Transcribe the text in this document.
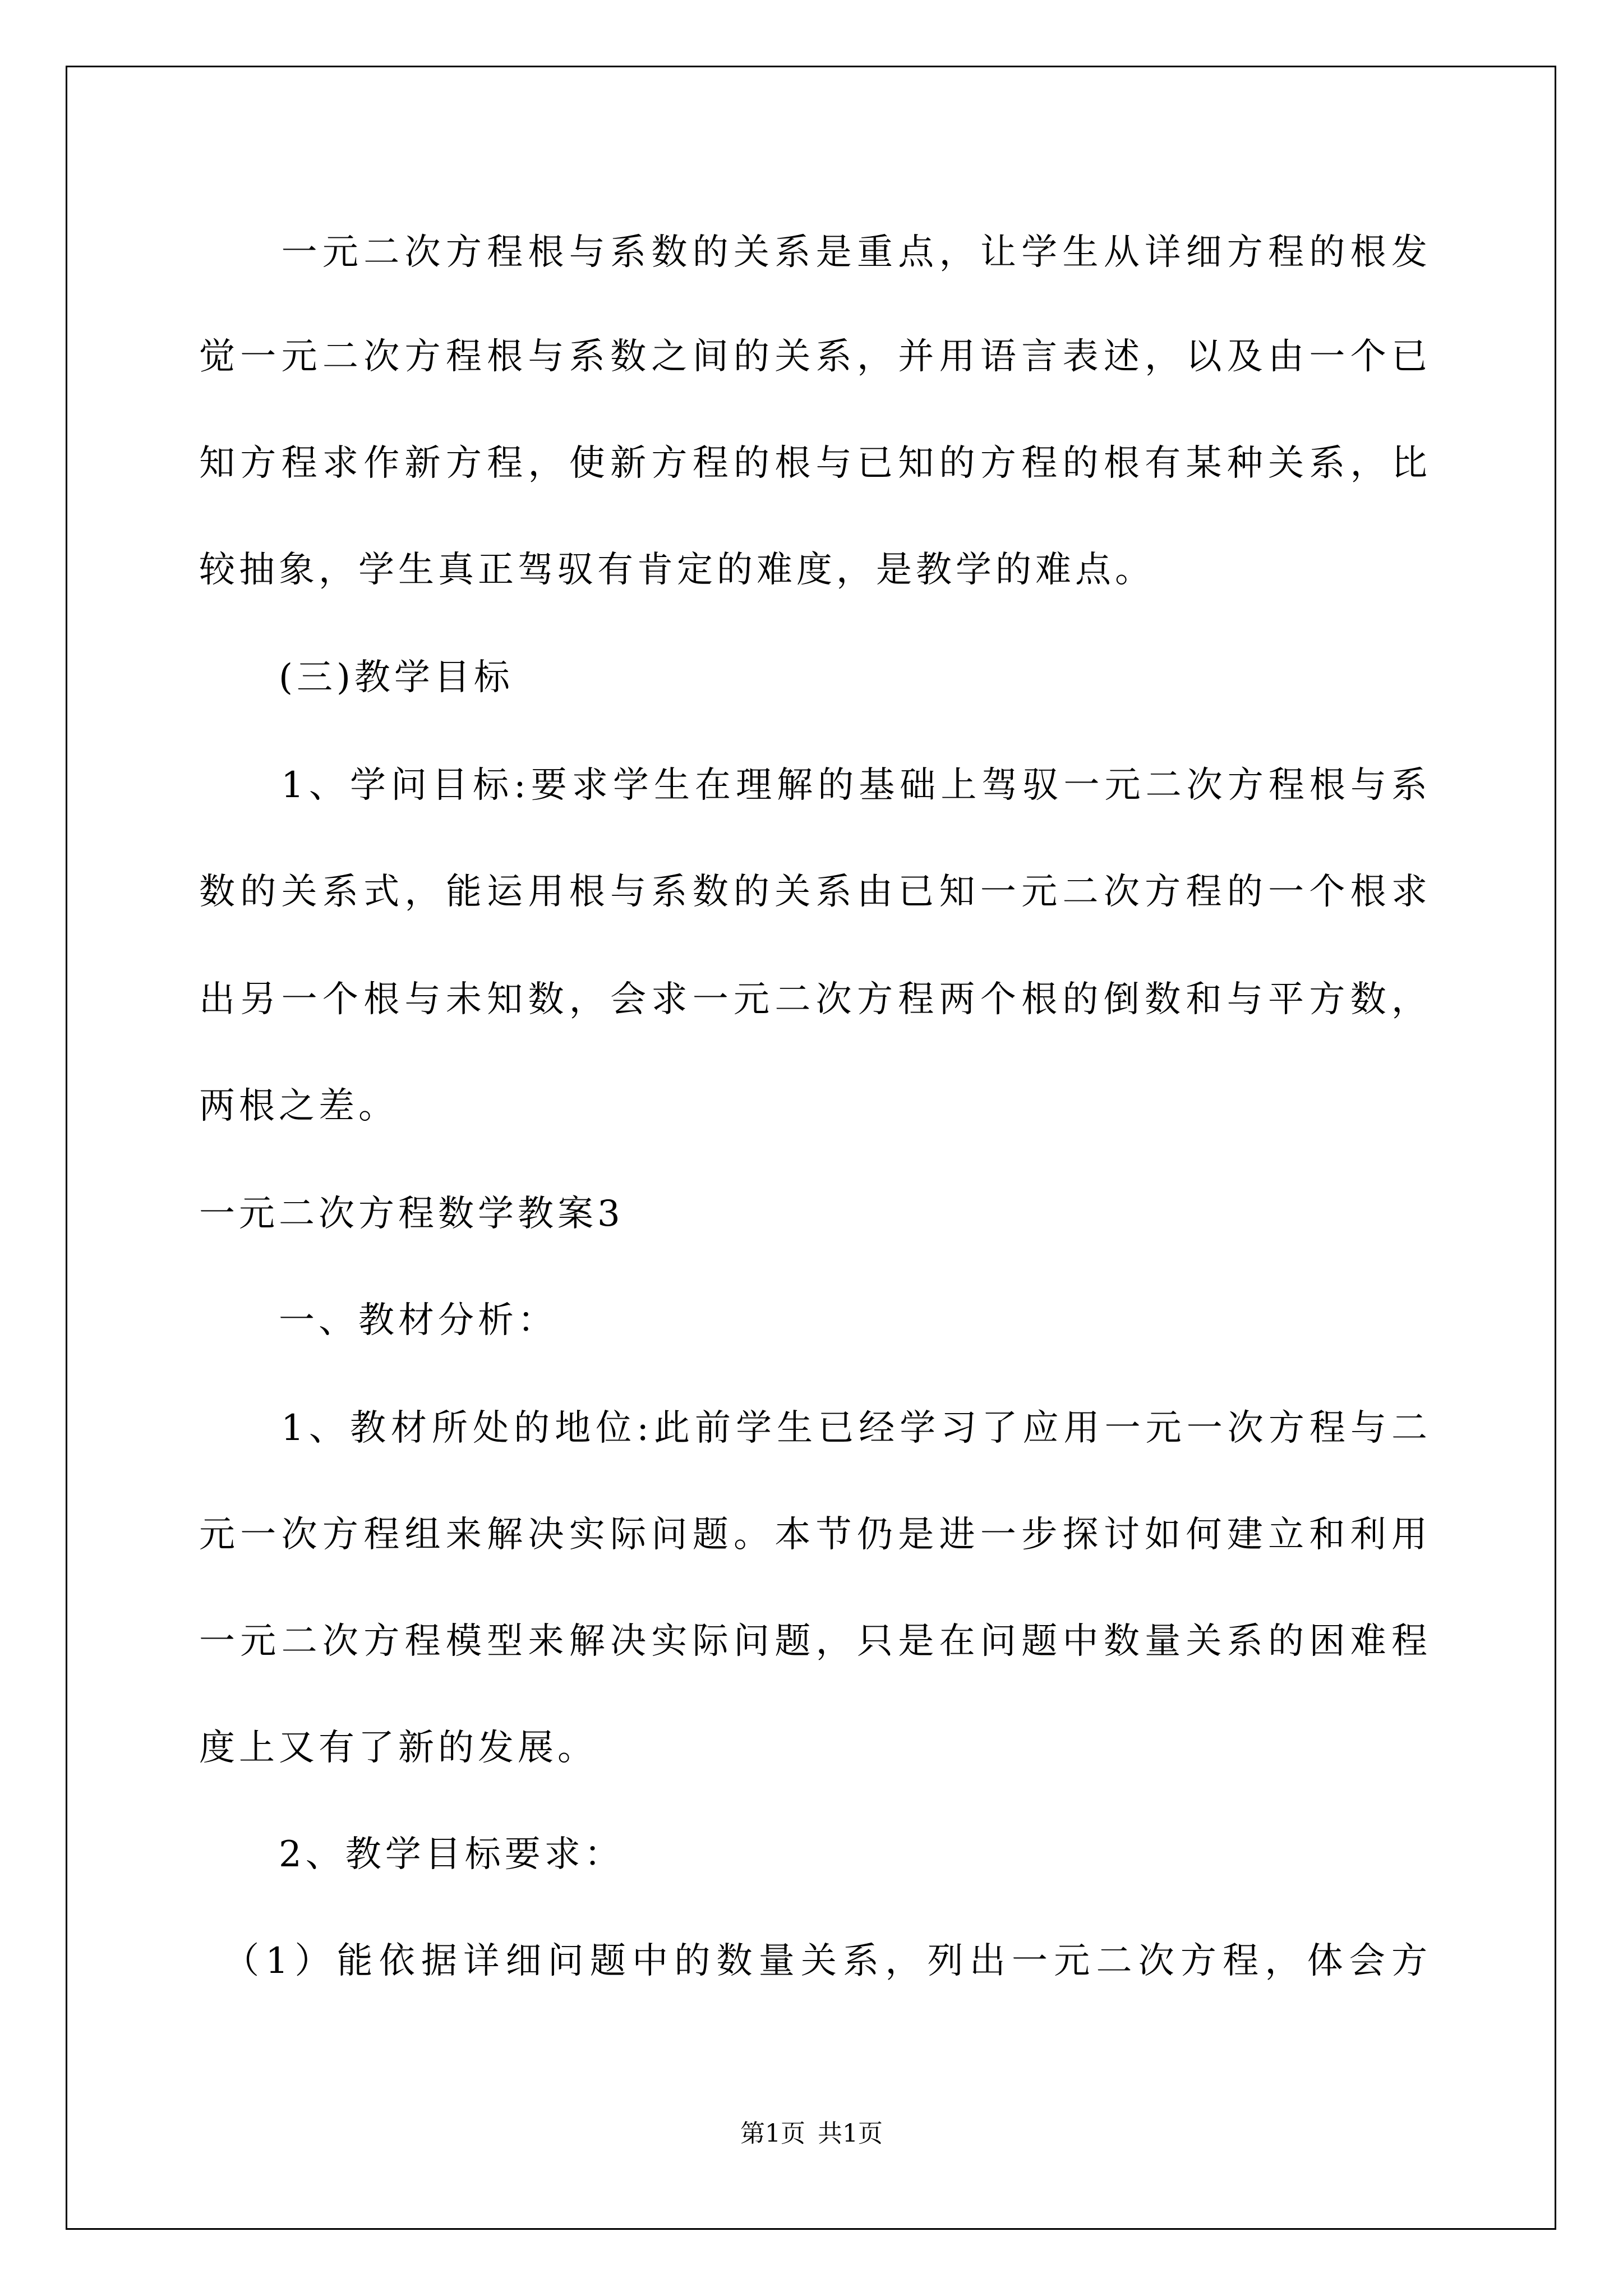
　　一元二次方程根与系数的关系是重点，让学生从详细方程的根发
觉一元二次方程根与系数之间的关系，并用语言表述，以及由一个已
知方程求作新方程，使新方程的根与已知的方程的根有某种关系，比
较抽象，学生真正驾驭有肯定的难度，是教学的难点。
　　(三)教学目标
　　1、学问目标:要求学生在理解的基础上驾驭一元二次方程根与系
数的关系式，能运用根与系数的关系由已知一元二次方程的一个根求
出另一个根与未知数，会求一元二次方程两个根的倒数和与平方数，
两根之差。
一元二次方程数学教案3
　　一、教材分析：
　　1、教材所处的地位:此前学生已经学习了应用一元一次方程与二
元一次方程组来解决实际问题。本节仍是进一步探讨如何建立和利用
一元二次方程模型来解决实际问题，只是在问题中数量关系的困难程
度上又有了新的发展。
　　2、教学目标要求：
　（1）能依据详细问题中的数量关系，列出一元二次方程，体会方
第1页 共1页
